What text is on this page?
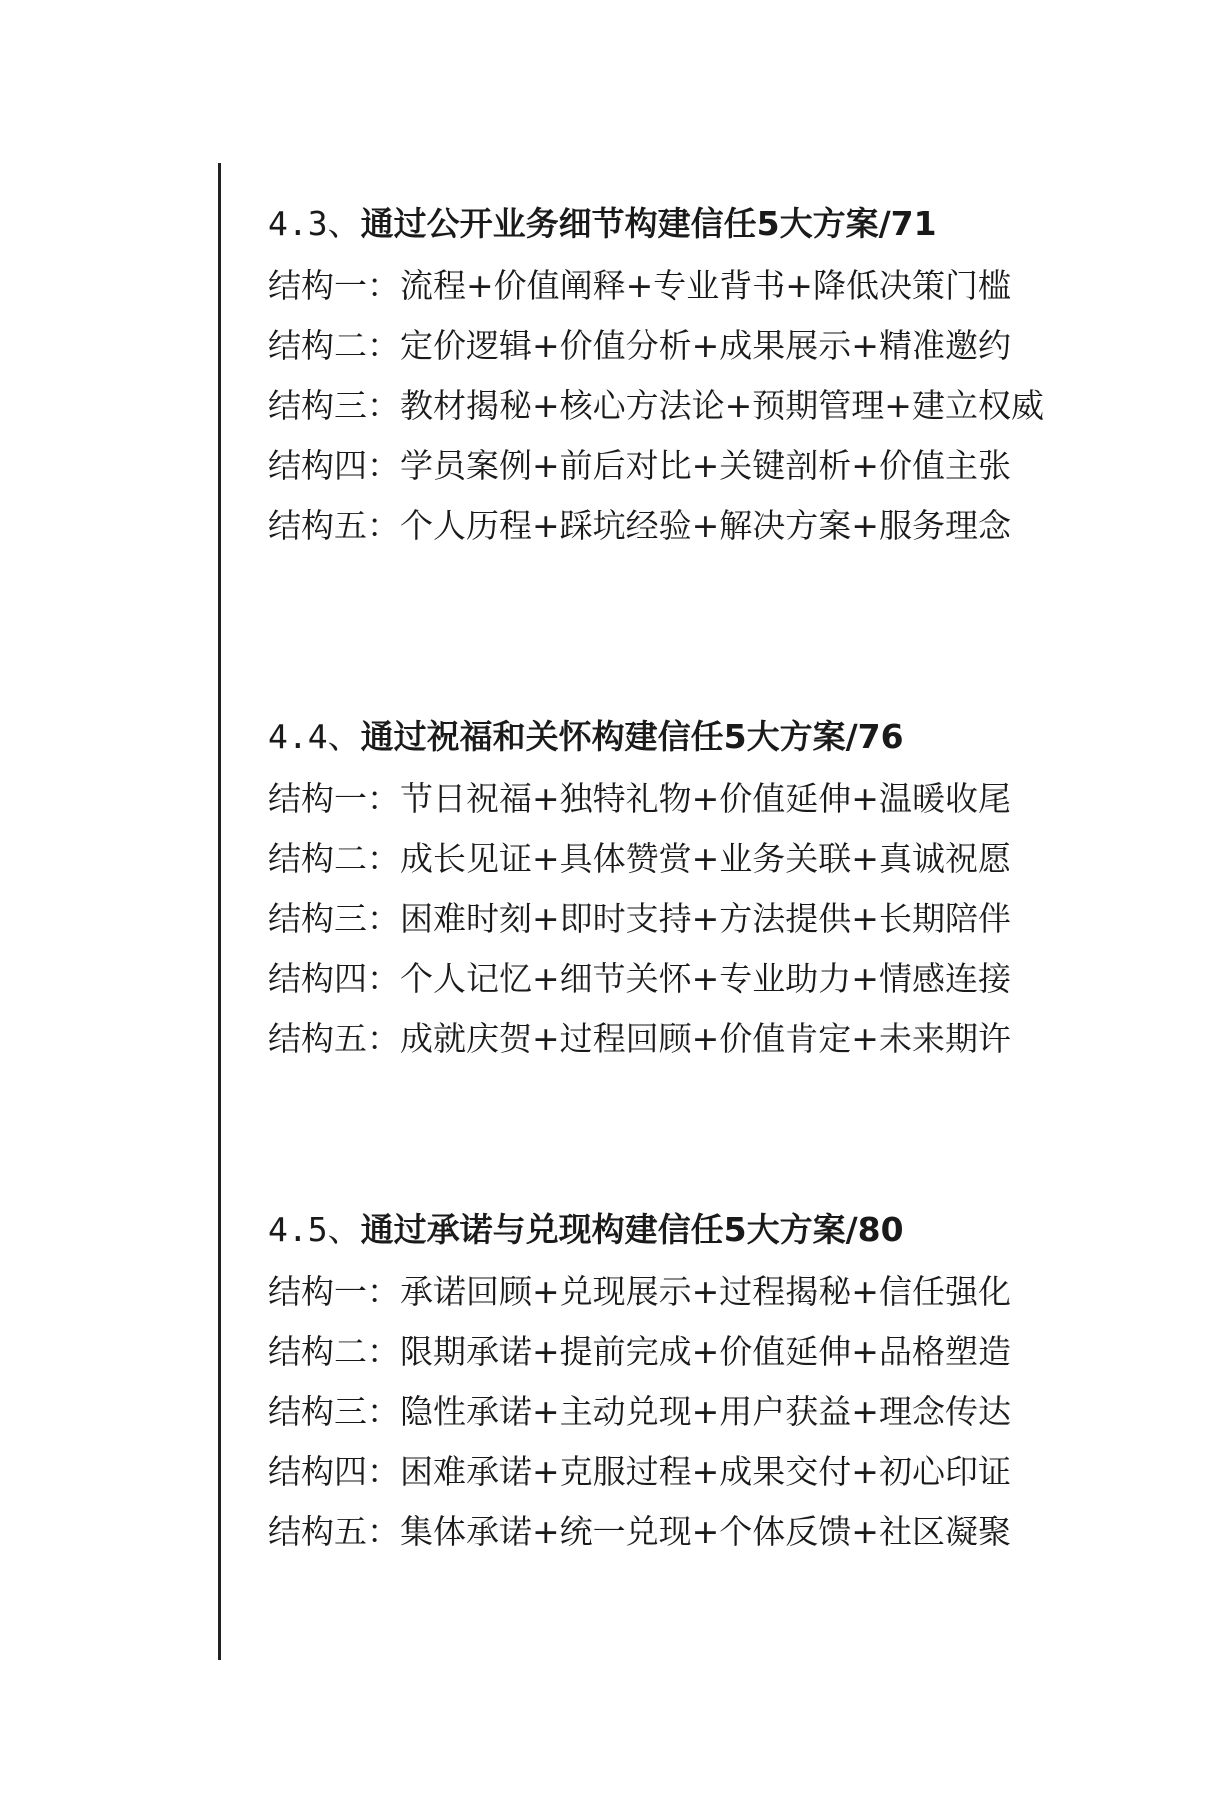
4.3、通过公开业务细节构建信任5大方案/71
结构一：流程+价值阐释+专业背书+降低决策门槛
结构二：定价逻辑+价值分析+成果展示+精准邀约
结构三：教材揭秘+核心方法论+预期管理+建立权威
结构四：学员案例+前后对比+关键剖析+价值主张
结构五：个人历程+踩坑经验+解决方案+服务理念
4.4、通过祝福和关怀构建信任5大方案/76
结构一：节日祝福+独特礼物+价值延伸+温暖收尾
结构二：成长见证+具体赞赏+业务关联+真诚祝愿
结构三：困难时刻+即时支持+方法提供+长期陪伴
结构四：个人记忆+细节关怀+专业助力+情感连接
结构五：成就庆贺+过程回顾+价值肯定+未来期许
4.5、通过承诺与兑现构建信任5大方案/80
结构一：承诺回顾+兑现展示+过程揭秘+信任强化
结构二：限期承诺+提前完成+价值延伸+品格塑造
结构三：隐性承诺+主动兑现+用户获益+理念传达
结构四：困难承诺+克服过程+成果交付+初心印证
结构五：集体承诺+统一兑现+个体反馈+社区凝聚
